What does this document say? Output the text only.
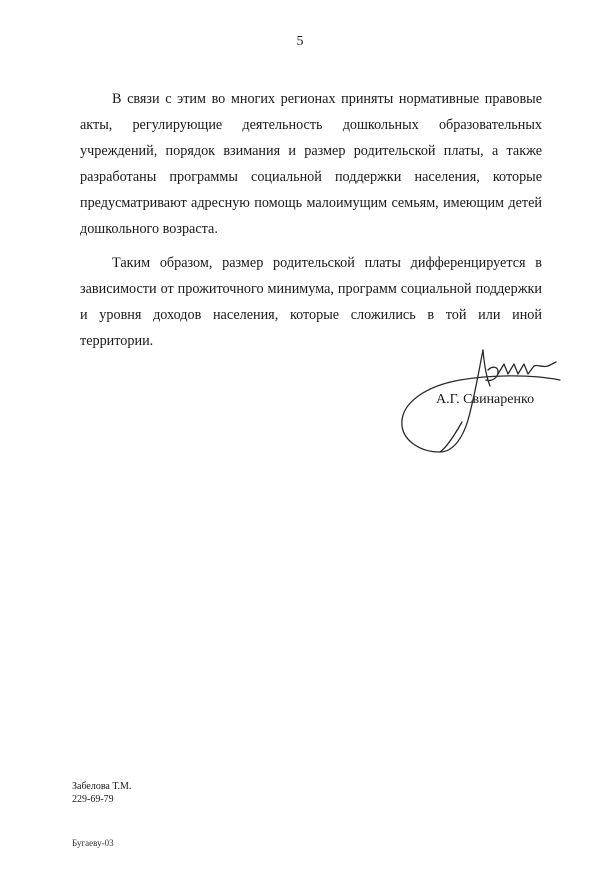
5

В связи с этим во многих регионах приняты нормативные правовые акты, регулирующие деятельность дошкольных образовательных учреждений, порядок взимания и размер родительской платы, а также разработаны программы социальной поддержки населения, которые предусматривают адресную помощь малоимущим семьям, имеющим детей дошкольного возраста.

Таким образом, размер родительской платы дифференцируется в зависимости от прожиточного минимума, программ социальной поддержки и уровня доходов населения, которые сложились в той или иной территории.

А.Г. Свинаренко
Забелова Т.М.
229-69-79
Бугаеву-03
